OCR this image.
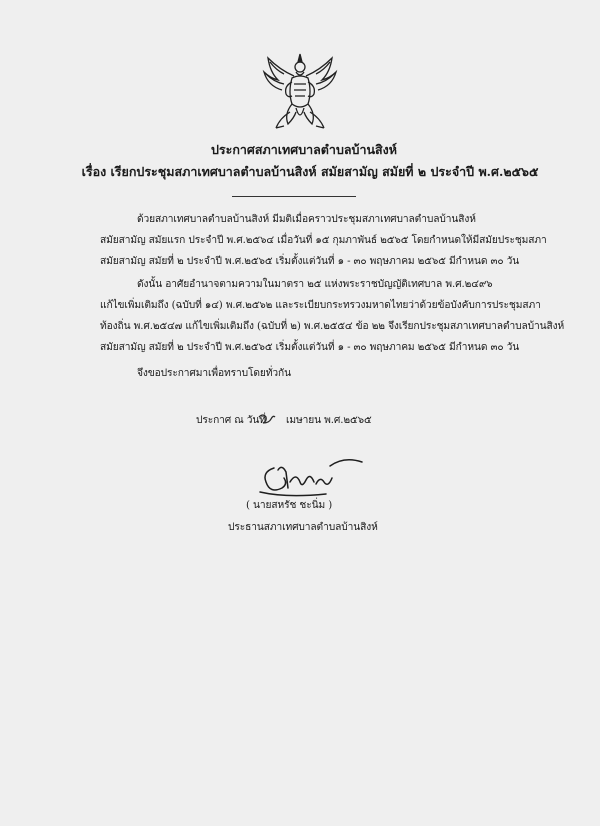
ประกาศสภาเทศบาลตำบลบ้านสิงห์
เรื่อง เรียกประชุมสภาเทศบาลตำบลบ้านสิงห์ สมัยสามัญ สมัยที่ ๒ ประจำปี พ.ศ.๒๕๖๕
ด้วยสภาเทศบาลตำบลบ้านสิงห์ มีมติเมื่อคราวประชุมสภาเทศบาลตำบลบ้านสิงห์
สมัยสามัญ สมัยแรก ประจำปี พ.ศ.๒๕๖๔ เมื่อวันที่ ๑๕ กุมภาพันธ์ ๒๕๖๕ โดยกำหนดให้มีสมัยประชุมสภา
สมัยสามัญ สมัยที่ ๒ ประจำปี พ.ศ.๒๕๖๕ เริ่มตั้งแต่วันที่ ๑ - ๓๐ พฤษภาคม ๒๕๖๕ มีกำหนด ๓๐ วัน
ดังนั้น อาศัยอำนาจตามความในมาตรา ๒๕ แห่งพระราชบัญญัติเทศบาล พ.ศ.๒๔๙๖
แก้ไขเพิ่มเติมถึง (ฉบับที่ ๑๔) พ.ศ.๒๕๖๒ และระเบียบกระทรวงมหาดไทยว่าด้วยข้อบังคับการประชุมสภา
ท้องถิ่น พ.ศ.๒๕๔๗ แก้ไขเพิ่มเติมถึง (ฉบับที่ ๒) พ.ศ.๒๕๕๔ ข้อ ๒๒ จึงเรียกประชุมสภาเทศบาลตำบลบ้านสิงห์
สมัยสามัญ สมัยที่ ๒ ประจำปี พ.ศ.๒๕๖๕ เริ่มตั้งแต่วันที่ ๑ - ๓๐ พฤษภาคม ๒๕๖๕ มีกำหนด ๓๐ วัน
จึงขอประกาศมาเพื่อทราบโดยทั่วกัน
ประกาศ ณ วันที่ เมษายน พ.ศ.๒๕๖๕
( นายสหรัช ชะนิ่ม )
ประธานสภาเทศบาลตำบลบ้านสิงห์
